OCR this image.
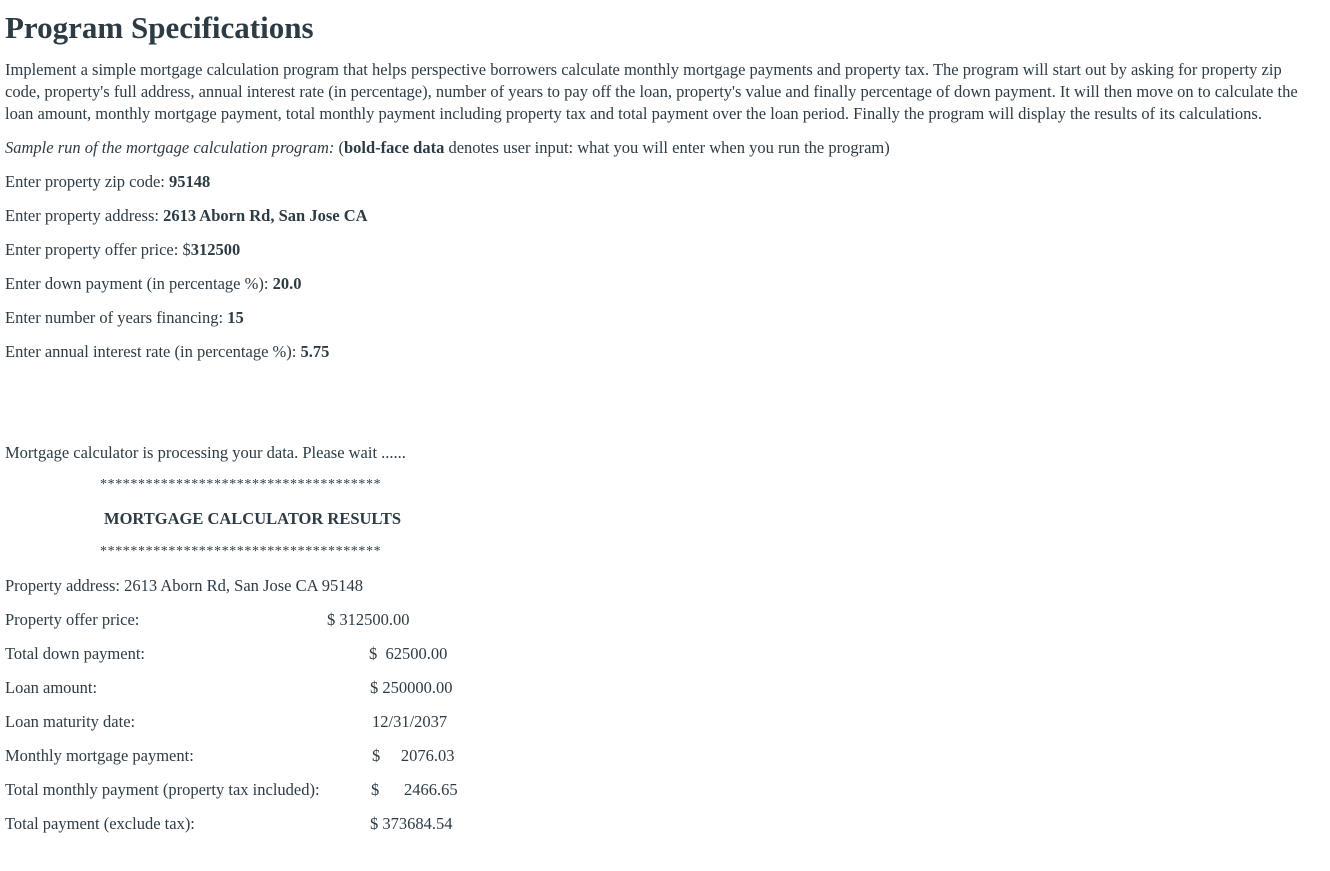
Program Specifications

Implement a simple mortgage calculation program that helps perspective borrowers calculate monthly mortgage payments and property tax. The program will start out by asking for property zip code, property's full address, annual interest rate (in percentage), number of years to pay off the loan, property's value and finally percentage of down payment. It will then move on to calculate the loan amount, monthly mortgage payment, total monthly payment including property tax and total payment over the loan period. Finally the program will display the results of its calculations.

Sample run of the mortgage calculation program: (bold-face data denotes user input: what you will enter when you run the program)

Enter property zip code: 95148

Enter property address: 2613 Aborn Rd, San Jose CA

Enter property offer price: $312500

Enter down payment (in percentage %): 20.0

Enter number of years financing: 15

Enter annual interest rate (in percentage %): 5.75

Mortgage calculator is processing your data. Please wait ......

*************************************

MORTGAGE CALCULATOR RESULTS

*************************************

Property address: 2613 Aborn Rd, San Jose CA 95148

Property offer price:	$ 312500.00

Total down payment:	$  62500.00

Loan amount:	$ 250000.00

Loan maturity date:	12/31/2037

Monthly mortgage payment:	$     2076.03

Total monthly payment (property tax included):	$      2466.65

Total payment (exclude tax):	$ 373684.54
